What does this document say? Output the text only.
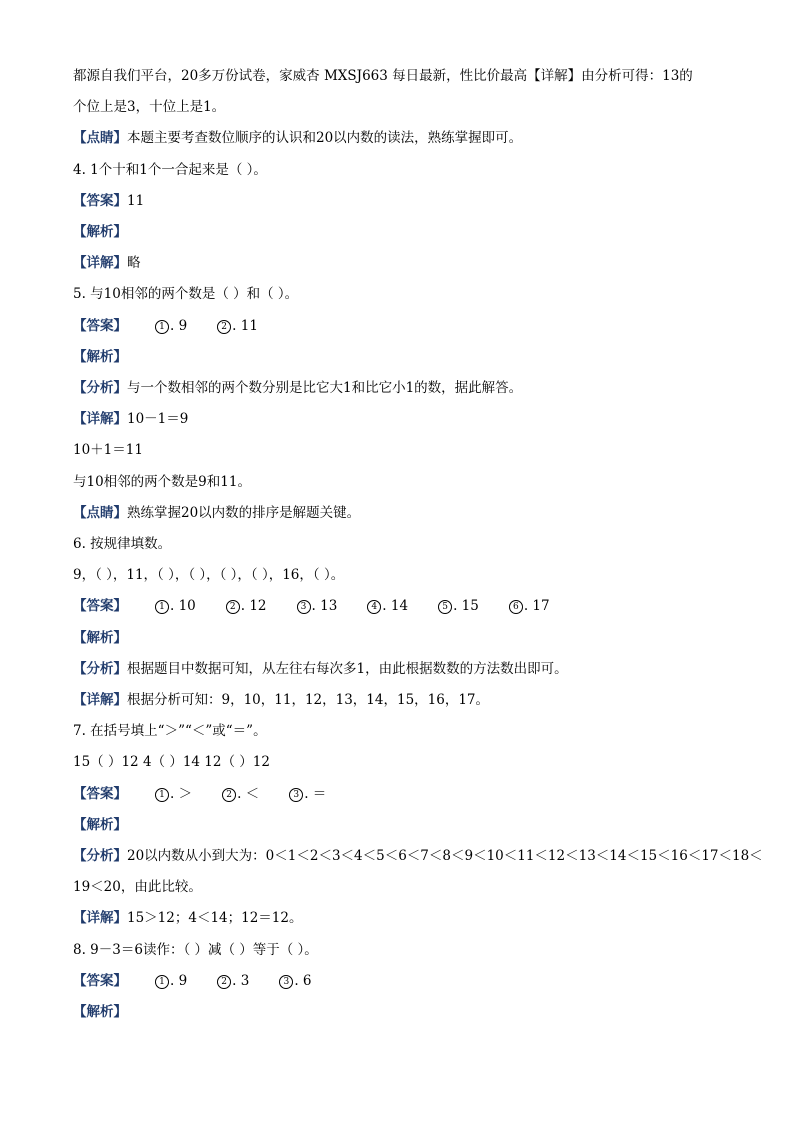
都源自我们平台，20多万份试卷，家威杏 MXSJ663 每日最新，性比价最高【详解】由分析可得：13的
个位上是3，十位上是1。
【点睛】本题主要考查数位顺序的认识和20以内数的读法，熟练掌握即可。
4. 1个十和1个一合起来是（ ）。
【答案】11
【解析】
【详解】略
5. 与10相邻的两个数是（ ）和（ ）。
【答案】	1 . 9	2 . 11
【解析】
【分析】与一个数相邻的两个数分别是比它大1和比它小1的数，据此解答。
【详解】10－1＝9
10＋1＝11
与10相邻的两个数是9和11。
【点睛】熟练掌握20以内数的排序是解题关键。
6. 按规律填数。
9，（ ），11，（ ），（ ），（ ），（ ），16，（ ）。
【答案】	1 . 10	2 . 12	3 . 13	4 . 14	5 . 15	6 . 17
【解析】
【分析】根据题目中数据可知，从左往右每次多1，由此根据数数的方法数出即可。
【详解】根据分析可知：9，10，11，12，13，14，15，16，17。
7. 在括号填上“＞”“＜”或“＝”。
15（ ）12 4（ ）14 12（ ）12
【答案】	1 . ＞	2 . ＜	3 . ＝
【解析】
【分析】20以内数从小到大为：0＜1＜2＜3＜4＜5＜6＜7＜8＜9＜10＜11＜12＜13＜14＜15＜16＜17＜18＜
19＜20，由此比较。
【详解】15＞12；4＜14；12＝12。
8. 9－3＝6读作：（ ）减（ ）等于（ ）。
【答案】	1 . 9	2 . 3	3 . 6
【解析】
